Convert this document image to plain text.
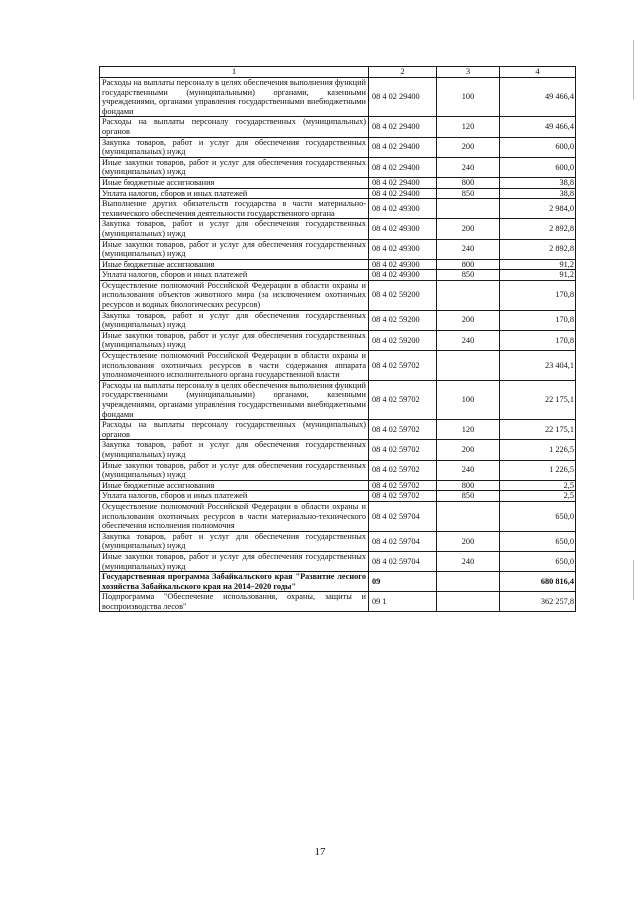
1	2	3	4
Расходы на выплаты персоналу в целях обеспечения выполнения функций государственными (муниципальными) органами, казенными учреждениями, органами управления государственными внебюджетными фондами	08 4 02 29400	100	49 466,4
Расходы на выплаты персоналу государственных (муниципальных) органов	08 4 02 29400	120	49 466,4
Закупка товаров, работ и услуг для обеспечения государственных (муниципальных) нужд	08 4 02 29400	200	600,0
Иные закупки товаров, работ и услуг для обеспечения государственных (муниципальных) нужд	08 4 02 29400	240	600,0
Иные бюджетные ассигнования	08 4 02 29400	800	38,8
Уплата налогов, сборов и иных платежей	08 4 02 29400	850	38,8
Выполнение других обязательств государства в части материально-технического обеспечения деятельности государственного органа	08 4 02 49300		2 984,0
Закупка товаров, работ и услуг для обеспечения государственных (муниципальных) нужд	08 4 02 49300	200	2 892,8
Иные закупки товаров, работ и услуг для обеспечения государственных (муниципальных) нужд	08 4 02 49300	240	2 892,8
Иные бюджетные ассигнования	08 4 02 49300	800	91,2
Уплата налогов, сборов и иных платежей	08 4 02 49300	850	91,2
Осуществление полномочий Российской Федерации в области охраны и использования объектов животного мира (за исключением охотничьих ресурсов и водных биологических ресурсов)	08 4 02 59200		170,8
Закупка товаров, работ и услуг для обеспечения государственных (муниципальных) нужд	08 4 02 59200	200	170,8
Иные закупки товаров, работ и услуг для обеспечения государственных (муниципальных) нужд	08 4 02 59200	240	170,8
Осуществление полномочий Российской Федерации в области охраны и использования охотничьих ресурсов в части содержания аппарата уполномоченного исполнительного органа государственной власти	08 4 02 59702		23 404,1
Расходы на выплаты персоналу в целях обеспечения выполнения функций государственными (муниципальными) органами, казенными учреждениями, органами управления государственными внебюджетными фондами	08 4 02 59702	100	22 175,1
Расходы на выплаты персоналу государственных (муниципальных) органов	08 4 02 59702	120	22 175,1
Закупка товаров, работ и услуг для обеспечения государственных (муниципальных) нужд	08 4 02 59702	200	1 226,5
Иные закупки товаров, работ и услуг для обеспечения государственных (муниципальных) нужд	08 4 02 59702	240	1 226,5
Иные бюджетные ассигнования	08 4 02 59702	800	2,5
Уплата налогов, сборов и иных платежей	08 4 02 59702	850	2,5
Осуществление полномочий Российской Федерации в области охраны и использования охотничьих ресурсов в части материально-технического обеспечения исполнения полномочия	08 4 02 59704		650,0
Закупка товаров, работ и услуг для обеспечения государственных (муниципальных) нужд	08 4 02 59704	200	650,0
Иные закупки товаров, работ и услуг для обеспечения государственных (муниципальных) нужд	08 4 02 59704	240	650,0
Государственная программа Забайкальского края "Развитие лесного хозяйства Забайкальского края на 2014–2020 годы"	09		680 816,4
Подпрограмма "Обеспечение использования, охраны, защиты и воспроизводства лесов"	09 1		362 257,8
17
